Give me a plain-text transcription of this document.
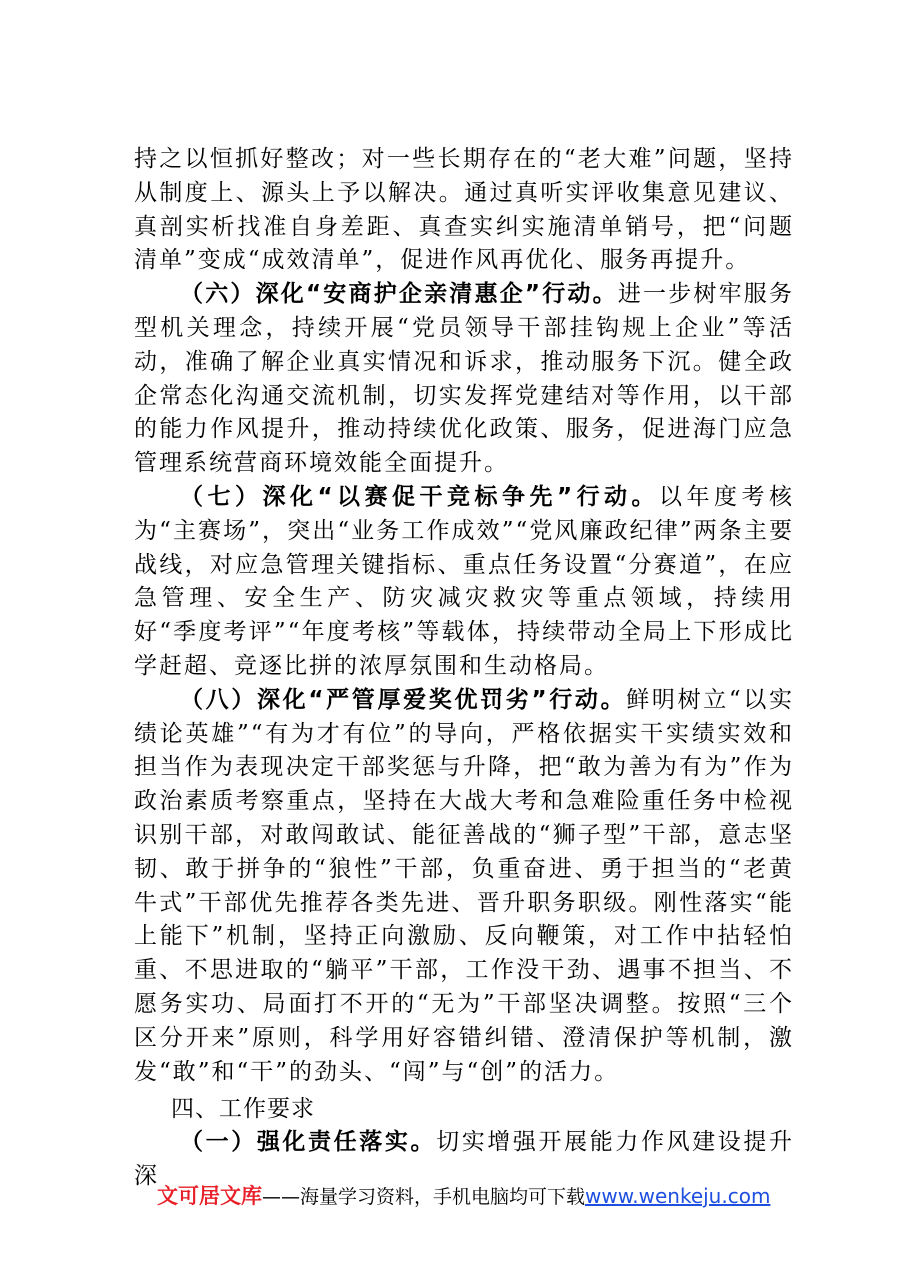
持之以恒抓好整改；对一些长期存在的“老大难”问题，坚持从制度上、源头上予以解决。通过真听实评收集意见建议、真剖实析找准自身差距、真查实纠实施清单销号，把“问题清单”变成“成效清单”，促进作风再优化、服务再提升。

（六）深化“安商护企亲清惠企”行动。进一步树牢服务型机关理念，持续开展“党员领导干部挂钩规上企业”等活动，准确了解企业真实情况和诉求，推动服务下沉。健全政企常态化沟通交流机制，切实发挥党建结对等作用，以干部的能力作风提升，推动持续优化政策、服务，促进海门应急管理系统营商环境效能全面提升。

（七）深化“以赛促干竞标争先”行动。以年度考核为“主赛场”，突出“业务工作成效”“党风廉政纪律”两条主要战线，对应急管理关键指标、重点任务设置“分赛道”，在应急管理、安全生产、防灾减灾救灾等重点领域，持续用好“季度考评”“年度考核”等载体，持续带动全局上下形成比学赶超、竞逐比拼的浓厚氛围和生动格局。

（八）深化“严管厚爱奖优罚劣”行动。鲜明树立“以实绩论英雄”“有为才有位”的导向，严格依据实干实绩实效和担当作为表现决定干部奖惩与升降，把“敢为善为有为”作为政治素质考察重点，坚持在大战大考和急难险重任务中检视识别干部，对敢闯敢试、能征善战的“狮子型”干部，意志坚韧、敢于拼争的“狼性”干部，负重奋进、勇于担当的“老黄牛式”干部优先推荐各类先进、晋升职务职级。刚性落实“能上能下”机制，坚持正向激励、反向鞭策，对工作中拈轻怕重、不思进取的“躺平”干部，工作没干劲、遇事不担当、不愿务实功、局面打不开的“无为”干部坚决调整。按照“三个区分开来”原则，科学用好容错纠错、澄清保护等机制，激发“敢”和“干”的劲头、“闯”与“创”的活力。

四、工作要求

（一）强化责任落实。切实增强开展能力作风建设提升深

文可居文库——海量学习资料，手机电脑均可下载www.wenkeju.com
